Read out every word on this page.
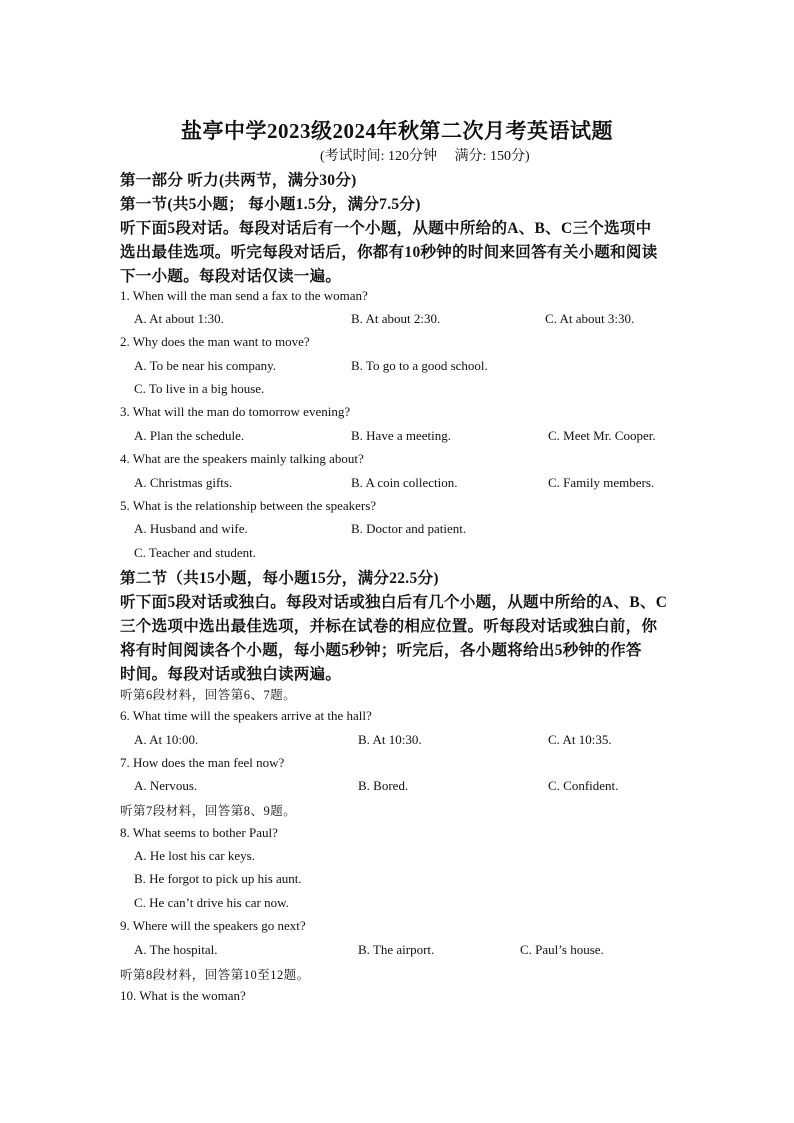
盐亭中学2023级2024年秋第二次月考英语试题
(考试时间: 120分钟 满分: 150分)
第一部分 听力(共两节，满分30分)
第一节(共5小题； 每小题1.5分，满分7.5分)
听下面5段对话。每段对话后有一个小题，从题中所给的A、B、C三个选项中
选出最佳选项。听完每段对话后，你都有10秒钟的时间来回答有关小题和阅读
下一小题。每段对话仅读一遍。
1. When will the man send a fax to the woman?
A. At about 1:30.	B. At about 2:30.	C. At about 3:30.
2. Why does the man want to move?
A. To be near his company.	B. To go to a good school.
C. To live in a big house.
3. What will the man do tomorrow evening?
A. Plan the schedule.	B. Have a meeting.	C. Meet Mr. Cooper.
4. What are the speakers mainly talking about?
A. Christmas gifts.	B. A coin collection.	C. Family members.
5. What is the relationship between the speakers?
A. Husband and wife.	B. Doctor and patient.
C. Teacher and student.
第二节（共15小题，每小题15分，满分22.5分)
听下面5段对话或独白。每段对话或独白后有几个小题，从题中所给的A、B、C
三个选项中选出最佳选项，并标在试卷的相应位置。听每段对话或独白前，你
将有时间阅读各个小题，每小题5秒钟；听完后，各小题将给出5秒钟的作答
时间。每段对话或独白读两遍。
听第6段材料，回答第6、7题。
6. What time will the speakers arrive at the hall?
A. At 10:00.	B. At 10:30.	C. At 10:35.
7. How does the man feel now?
A. Nervous.	B. Bored.	C. Confident.
听第7段材料，回答第8、9题。
8. What seems to bother Paul?
A. He lost his car keys.
B. He forgot to pick up his aunt.
C. He can’t drive his car now.
9. Where will the speakers go next?
A. The hospital.	B. The airport.	C. Paul’s house.
听第8段材料，回答第10至12题。
10. What is the woman?
